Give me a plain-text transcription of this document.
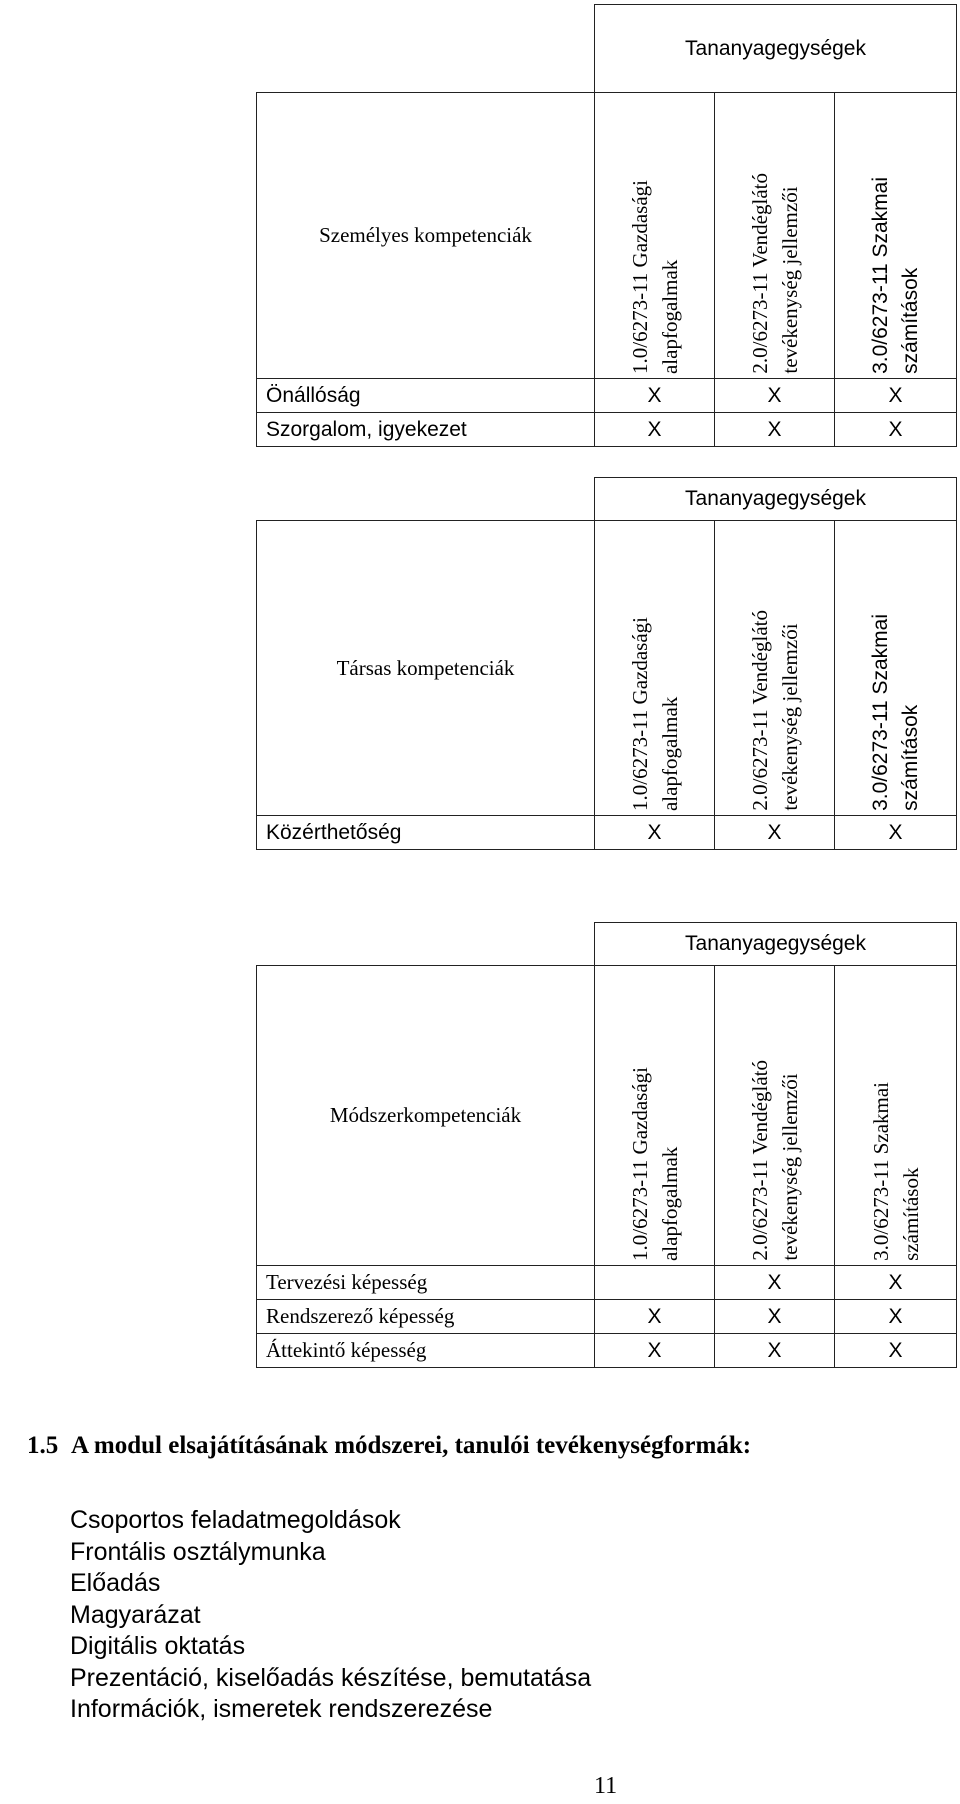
	Tananyagegységek		
Személyes kompetenciák	1.0/6273-11 Gazdasági alapfogalmak	2.0/6273-11 Vendéglátó tevékenység jellemzői	3.0/6273-11 Szakmai számítások

Önállóság	X	X	X
Szorgalom, igyekezet	X	X	X
	Tananyagegységek		
Társas kompetenciák	1.0/6273-11 Gazdasági alapfogalmak	2.0/6273-11 Vendéglátó tevékenység jellemzői	3.0/6273-11 Szakmai számítások

Közérthetőség	X	X	X
	Tananyagegységek		
Módszerkompetenciák	1.0/6273-11 Gazdasági alapfogalmak	2.0/6273-11 Vendéglátó tevékenység jellemzői	3.0/6273-11 Szakmai számítások

Tervezési képesség		X	X
Rendszerező képesség	X	X	X
Áttekintő képesség	X	X	X
1.5 A modul elsajátításának módszerei, tanulói tevékenységformák:
Csoportos feladatmegoldások
Frontális osztálymunka
Előadás
Magyarázat
Digitális oktatás
Prezentáció, kiselőadás készítése, bemutatása
Információk, ismeretek rendszerezése
11
